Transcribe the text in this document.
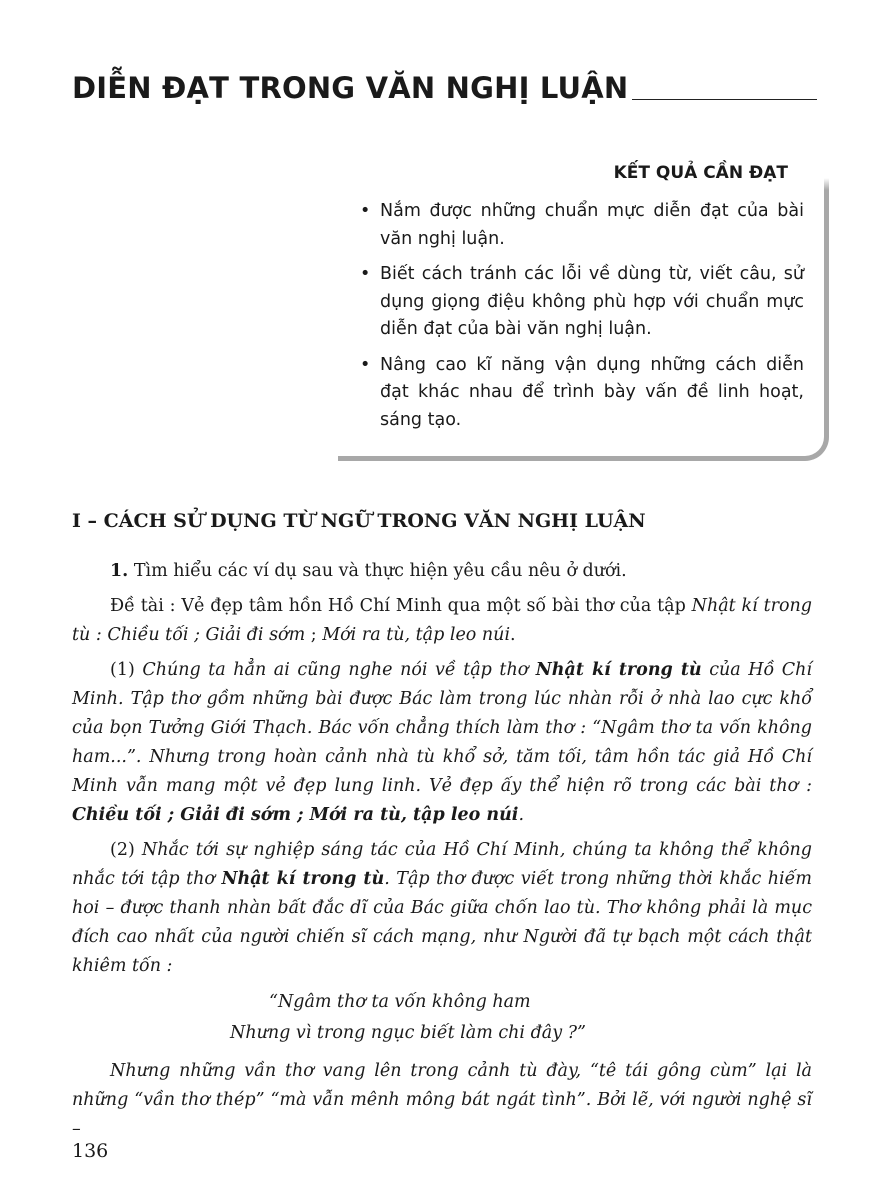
DIỄN ĐẠT TRONG VĂN NGHỊ LUẬN
KẾT QUẢ CẦN ĐẠT
• Nắm được những chuẩn mực diễn đạt của bài văn nghị luận.
• Biết cách tránh các lỗi về dùng từ, viết câu, sử dụng giọng điệu không phù hợp với chuẩn mực diễn đạt của bài văn nghị luận.
• Nâng cao kĩ năng vận dụng những cách diễn đạt khác nhau để trình bày vấn đề linh hoạt, sáng tạo.
I – CÁCH SỬ DỤNG TỪ NGỮ TRONG VĂN NGHỊ LUẬN

1. Tìm hiểu các ví dụ sau và thực hiện yêu cầu nêu ở dưới.

Đề tài : Vẻ đẹp tâm hồn Hồ Chí Minh qua một số bài thơ của tập Nhật kí trong tù : Chiều tối ; Giải đi sớm ; Mới ra tù, tập leo núi.

(1) Chúng ta hẳn ai cũng nghe nói về tập thơ Nhật kí trong tù của Hồ Chí Minh. Tập thơ gồm những bài được Bác làm trong lúc nhàn rỗi ở nhà lao cực khổ của bọn Tưởng Giới Thạch. Bác vốn chẳng thích làm thơ : “Ngâm thơ ta vốn không ham...”. Nhưng trong hoàn cảnh nhà tù khổ sở, tăm tối, tâm hồn tác giả Hồ Chí Minh vẫn mang một vẻ đẹp lung linh. Vẻ đẹp ấy thể hiện rõ trong các bài thơ : Chiều tối ; Giải đi sớm ; Mới ra tù, tập leo núi.

(2) Nhắc tới sự nghiệp sáng tác của Hồ Chí Minh, chúng ta không thể không nhắc tới tập thơ Nhật kí trong tù. Tập thơ được viết trong những thời khắc hiếm hoi – được thanh nhàn bất đắc dĩ của Bác giữa chốn lao tù. Thơ không phải là mục đích cao nhất của người chiến sĩ cách mạng, như Người đã tự bạch một cách thật khiêm tốn :

“Ngâm thơ ta vốn không ham
Nhưng vì trong ngục biết làm chi đây ?”

Nhưng những vần thơ vang lên trong cảnh tù đày, “tê tái gông cùm” lại là những “vần thơ thép” “mà vẫn mênh mông bát ngát tình”. Bởi lẽ, với người nghệ sĩ –

136
